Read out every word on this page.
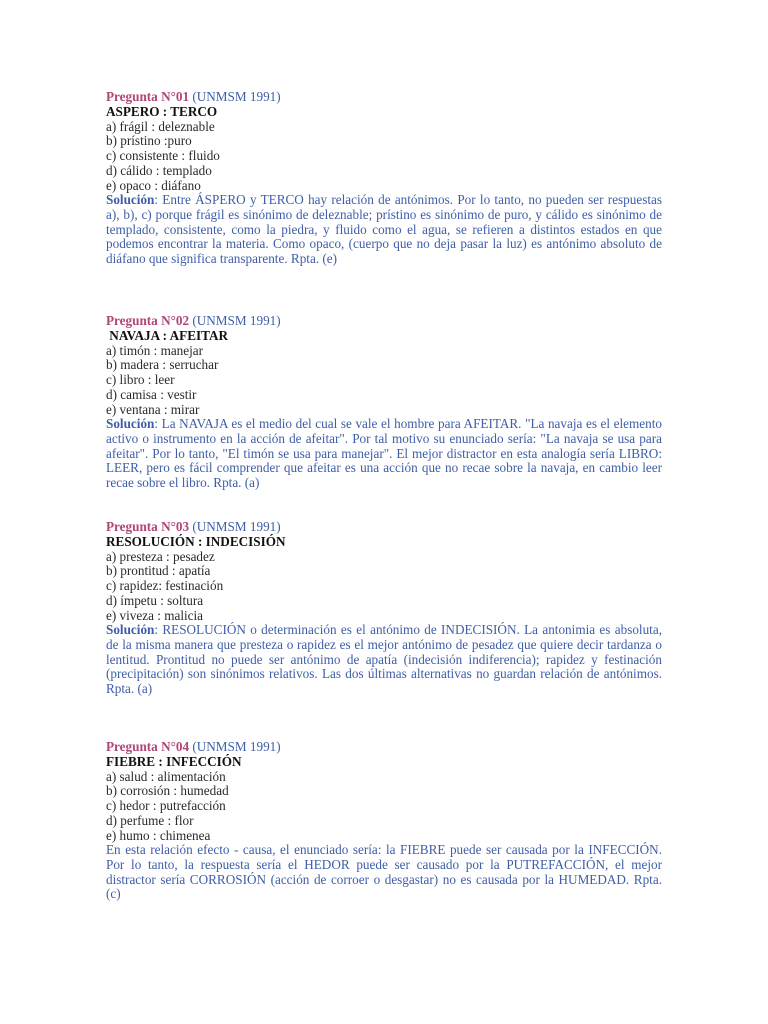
Pregunta N°01 (UNMSM 1991)
ASPERO : TERCO
a) frágil : deleznable
b) prístino :puro
c) consistente : fluido
d) cálido : templado
e) opaco : diáfano

Solución: Entre ÁSPERO y TERCO hay relación de antónimos. Por lo tanto, no pueden ser respuestas a), b), c) porque frágil es sinónimo de deleznable; prístino es sinónimo de puro, y cálido es sinónimo de templado, consistente, como la piedra, y fluido como el agua, se refieren a distintos estados en que podemos encontrar la materia. Como opaco, (cuerpo que no deja pasar la luz) es antónimo absoluto de diáfano que significa transparente. Rpta. (e)

Pregunta N°02 (UNMSM 1991)
NAVAJA : AFEITAR
a) timón : manejar
b) madera : serruchar
c) libro : leer
d) camisa : vestir
e) ventana : mirar

Solución: La NAVAJA es el medio del cual se vale el hombre para AFEITAR. "La navaja es el elemento activo o instrumento en la acción de afeitar". Por tal motivo su enunciado sería: "La navaja se usa para afeitar". Por lo tanto, "El timón se usa para manejar". El mejor distractor en esta analogía sería LIBRO: LEER, pero es fácil comprender que afeitar es una acción que no recae sobre la navaja, en cambio leer recae sobre el libro. Rpta. (a)

Pregunta N°03 (UNMSM 1991)
RESOLUCIÓN : INDECISIÓN
a) presteza : pesadez
b) prontitud : apatía
c) rapidez: festinación
d) ímpetu : soltura
e) viveza : malicia

Solución: RESOLUCIÓN o determinación es el antónimo de INDECISIÓN. La antonimia es absoluta, de la misma manera que presteza o rapidez es el mejor antónimo de pesadez que quiere decir tardanza o lentitud. Prontitud no puede ser antónimo de apatía (indecisión indiferencia); rapidez y festinación (precipitación) son sinónimos relativos. Las dos últimas alternativas no guardan relación de antónimos. Rpta. (a)

Pregunta N°04 (UNMSM 1991)
FIEBRE : INFECCIÓN
a) salud : alimentación
b) corrosión : humedad
c) hedor : putrefacción
d) perfume : flor
e) humo : chimenea

En esta relación efecto - causa, el enunciado sería: la FIEBRE puede ser causada por la INFECCIÓN. Por lo tanto, la respuesta sería el HEDOR puede ser causado por la PUTREFACCIÓN, el mejor distractor sería CORROSIÓN (acción de corroer o desgastar) no es causada por la HUMEDAD. Rpta. (c)
